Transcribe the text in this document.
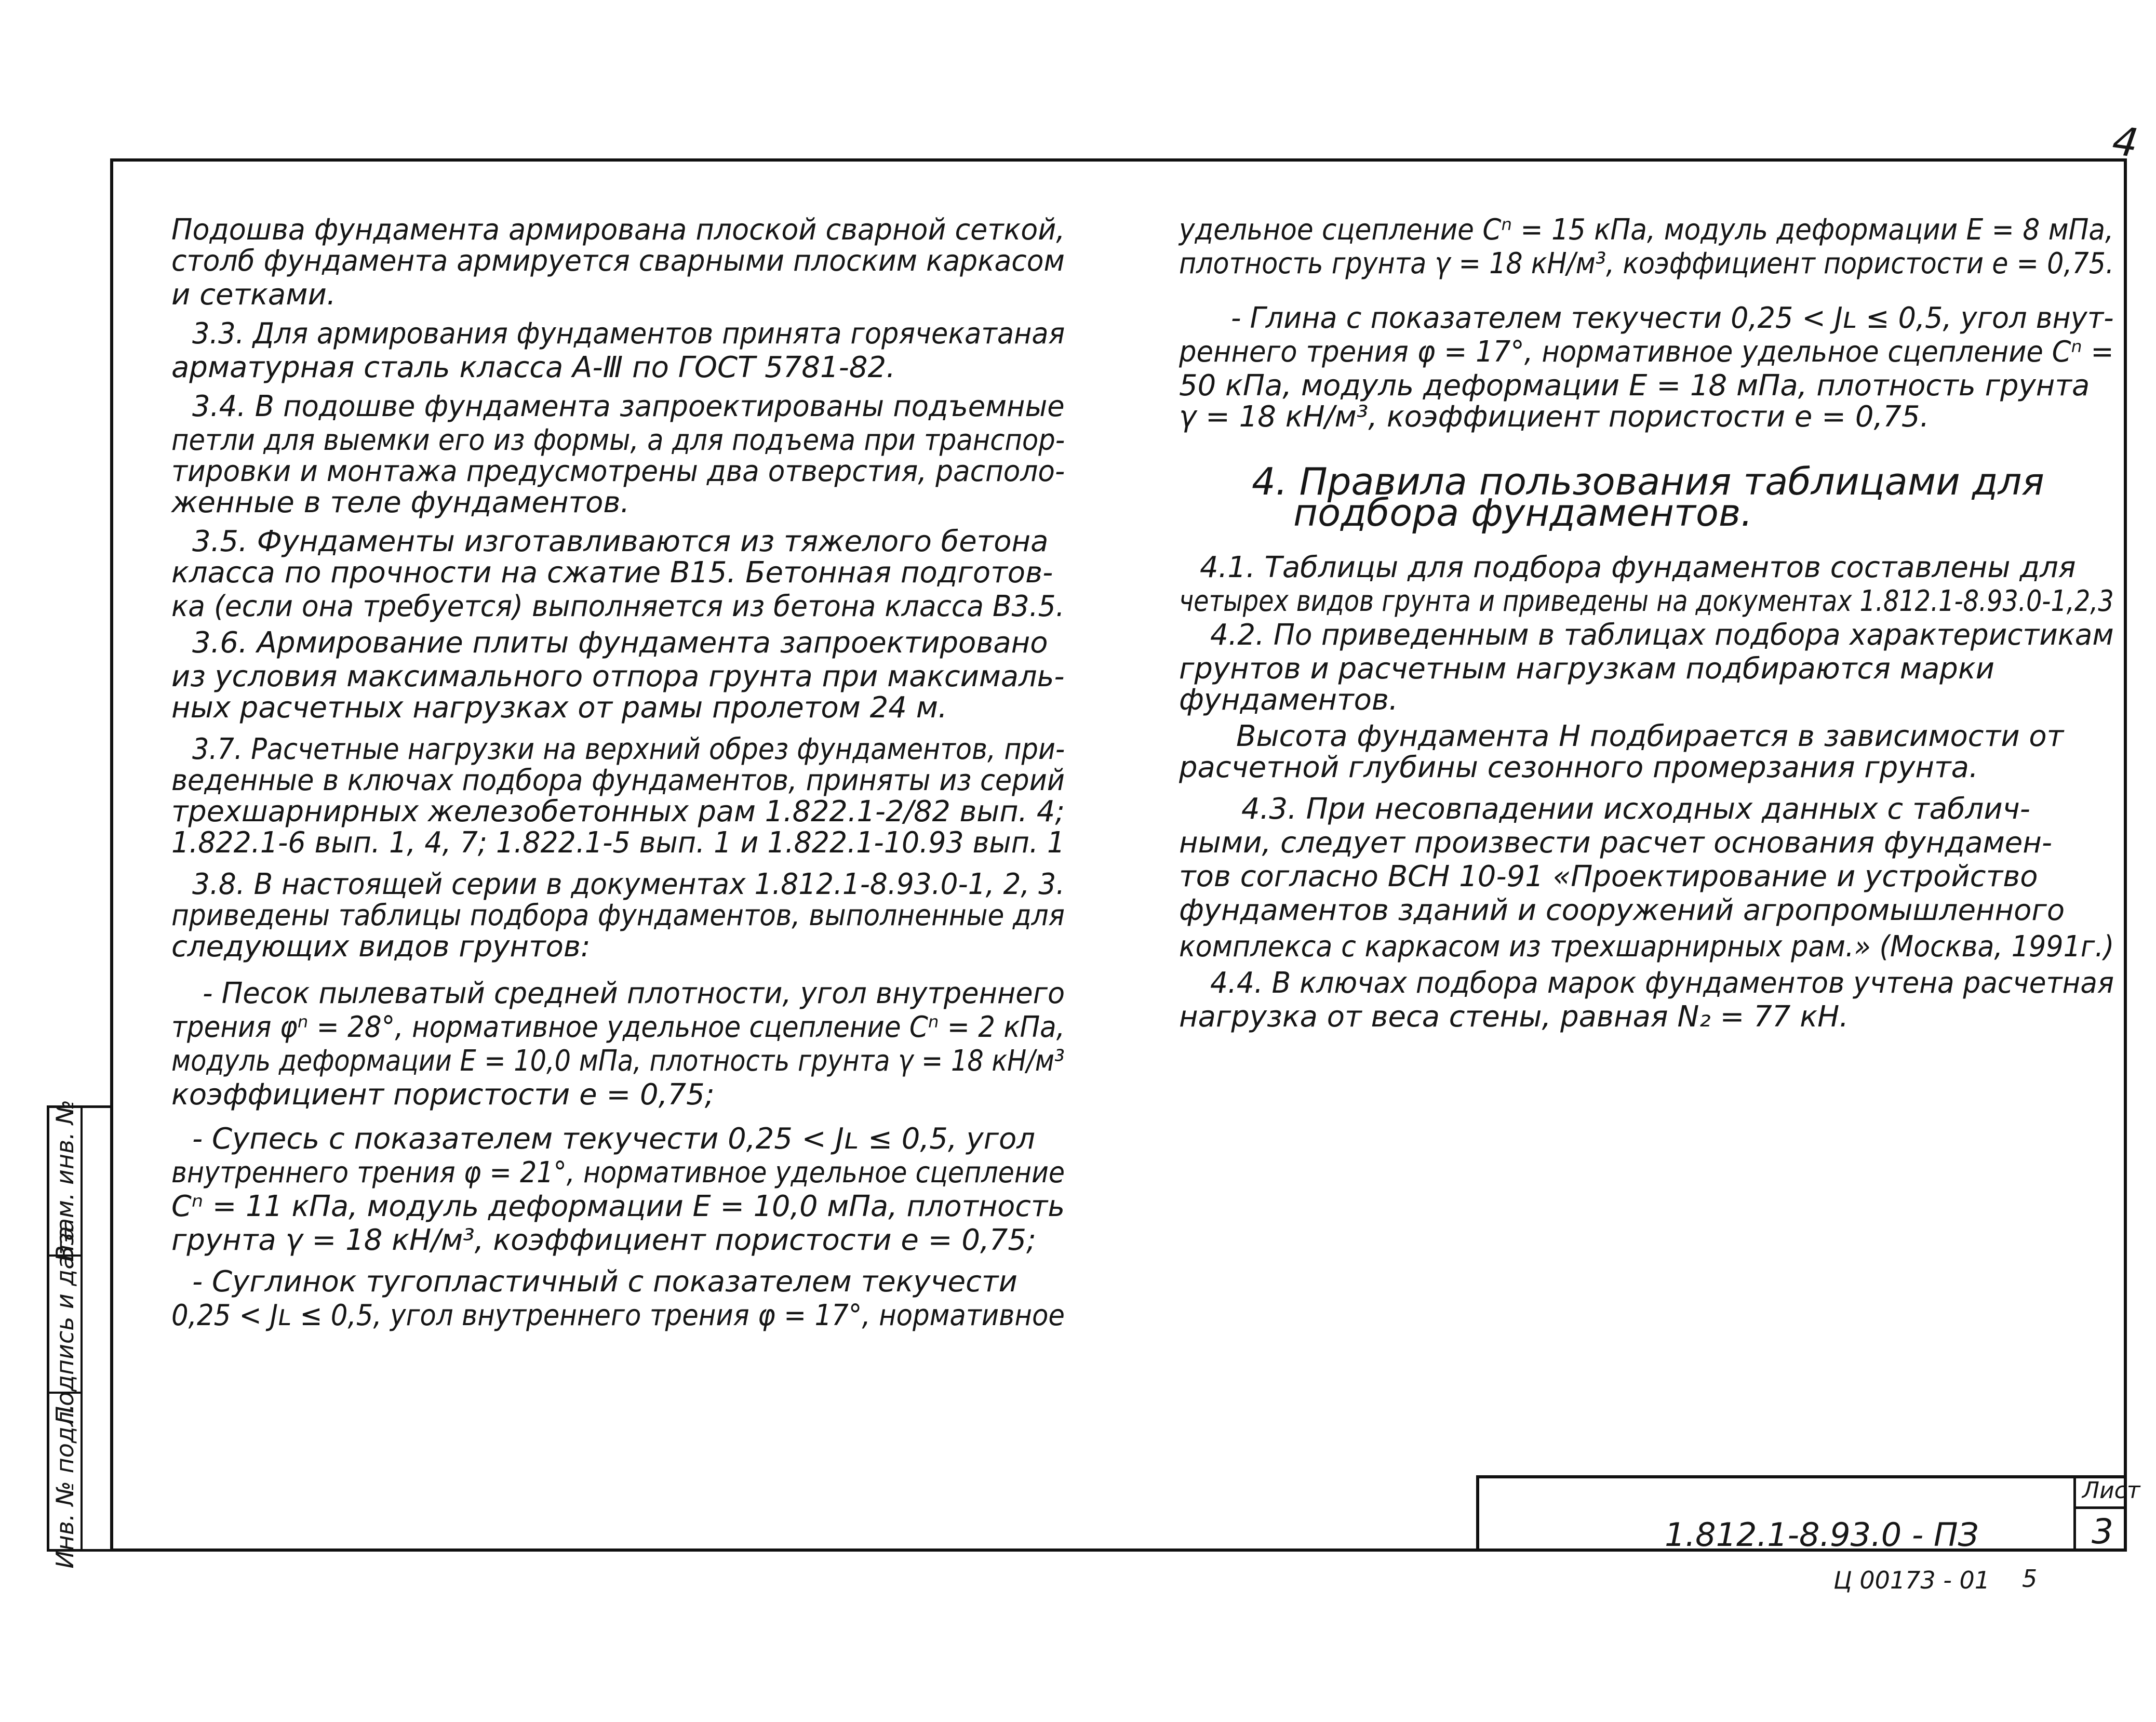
4
Инв. № подл.
Подпись и дата
Взам. инв. №
Подошва фундамента армирована плоской сварной сеткой,
столб фундамента армируется сварными плоским каркасом
и сетками.
3.3. Для армирования фундаментов принята горячекатаная
арматурная сталь класса А-Ⅲ по ГОСТ 5781-82.
3.4. В подошве фундамента запроектированы подъемные
петли для выемки его из формы, а для подъема при транспор-
тировки и монтажа предусмотрены два отверстия, располо-
женные в теле фундаментов.
3.5. Фундаменты изготавливаются из тяжелого бетона
класса по прочности на сжатие В15. Бетонная подготов-
ка (если она требуется) выполняется из бетона класса В3.5.
3.6. Армирование плиты фундамента запроектировано
из условия максимального отпора грунта при максималь-
ных расчетных нагрузках от рамы пролетом 24 м.
3.7. Расчетные нагрузки на верхний обрез фундаментов, при-
веденные в ключах подбора фундаментов, приняты из серий
трехшарнирных железобетонных рам 1.822.1-2/82 вып. 4;
1.822.1-6 вып. 1, 4, 7; 1.822.1-5 вып. 1 и 1.822.1-10.93 вып. 1
3.8. В настоящей серии в документах 1.812.1-8.93.0-1, 2, 3.
приведены таблицы подбора фундаментов, выполненные для
следующих видов грунтов:
- Песок пылеватый средней плотности, угол внутреннего
трения φⁿ = 28°, нормативное удельное сцепление Cⁿ = 2 кПа,
модуль деформации Е = 10,0 мПа, плотность грунта γ = 18 кН/м³
коэффициент пористости е = 0,75;
- Супесь с показателем текучести 0,25 < Jʟ ≤ 0,5, угол
внутреннего трения φ = 21°, нормативное удельное сцепление
Cⁿ = 11 кПа, модуль деформации Е = 10,0 мПа, плотность
грунта γ = 18 кН/м³, коэффициент пористости е = 0,75;
- Суглинок тугопластичный с показателем текучести
0,25 < Jʟ ≤ 0,5, угол внутреннего трения φ = 17°, нормативное
удельное сцепление Cⁿ = 15 кПа, модуль деформации Е = 8 мПа,
плотность грунта γ = 18 кН/м³, коэффициент пористости е = 0,75.
- Глина с показателем текучести 0,25 < Jʟ ≤ 0,5, угол внут-
реннего трения φ = 17°, нормативное удельное сцепление Cⁿ =
50 кПа, модуль деформации Е = 18 мПа, плотность грунта
γ = 18 кН/м³, коэффициент пористости е = 0,75.
4. Правила пользования таблицами для
подбора фундаментов.
4.1. Таблицы для подбора фундаментов составлены для
четырех видов грунта и приведены на документах 1.812.1-8.93.0-1,2,3
4.2. По приведенным в таблицах подбора характеристикам
грунтов и расчетным нагрузкам подбираются марки
фундаментов.
Высота фундамента Н подбирается в зависимости от
расчетной глубины сезонного промерзания грунта.
4.3. При несовпадении исходных данных с таблич-
ными, следует произвести расчет основания фундамен-
тов согласно ВСН 10-91 «Проектирование и устройство
фундаментов зданий и сооружений агропромышленного
комплекса с каркасом из трехшарнирных рам.» (Москва, 1991г.)
4.4. В ключах подбора марок фундаментов учтена расчетная
нагрузка от веса стены, равная N₂ = 77 кН.
1.812.1-8.93.0 - ПЗ
Лист
3
Ц 00173 - 01 5
